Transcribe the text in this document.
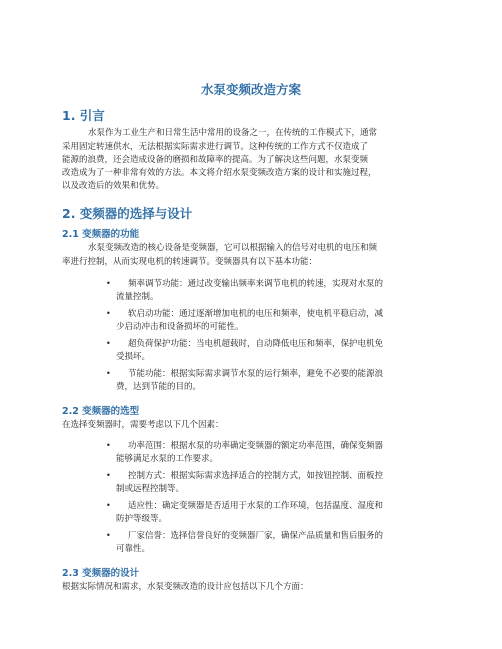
水泵变频改造方案
1. 引言
水泵作为工业生产和日常生活中常用的设备之一，在传统的工作模式下，通常
采用固定转速供水，无法根据实际需求进行调节。这种传统的工作方式不仅造成了
能源的浪费，还会造成设备的磨损和故障率的提高。为了解决这些问题，水泵变频
改造成为了一种非常有效的方法。本文将介绍水泵变频改造方案的设计和实施过程，
以及改造后的效果和优势。
2. 变频器的选择与设计
2.1 变频器的功能
水泵变频改造的核心设备是变频器，它可以根据输入的信号对电机的电压和频
率进行控制，从而实现电机的转速调节。变频器具有以下基本功能：
• 频率调节功能：通过改变输出频率来调节电机的转速，实现对水泵的
流量控制。
• 软启动功能：通过逐渐增加电机的电压和频率，使电机平稳启动，减
少启动冲击和设备损坏的可能性。
• 超负荷保护功能：当电机超载时，自动降低电压和频率，保护电机免
受损坏。
• 节能功能：根据实际需求调节水泵的运行频率，避免不必要的能源浪
费，达到节能的目的。
2.2 变频器的选型
在选择变频器时，需要考虑以下几个因素：
• 功率范围：根据水泵的功率确定变频器的额定功率范围，确保变频器
能够满足水泵的工作要求。
• 控制方式：根据实际需求选择适合的控制方式，如按钮控制、面板控
制或远程控制等。
• 适应性：确定变频器是否适用于水泵的工作环境，包括温度、湿度和
防护等级等。
• 厂家信誉：选择信誉良好的变频器厂家，确保产品质量和售后服务的
可靠性。
2.3 变频器的设计
根据实际情况和需求，水泵变频改造的设计应包括以下几个方面：
